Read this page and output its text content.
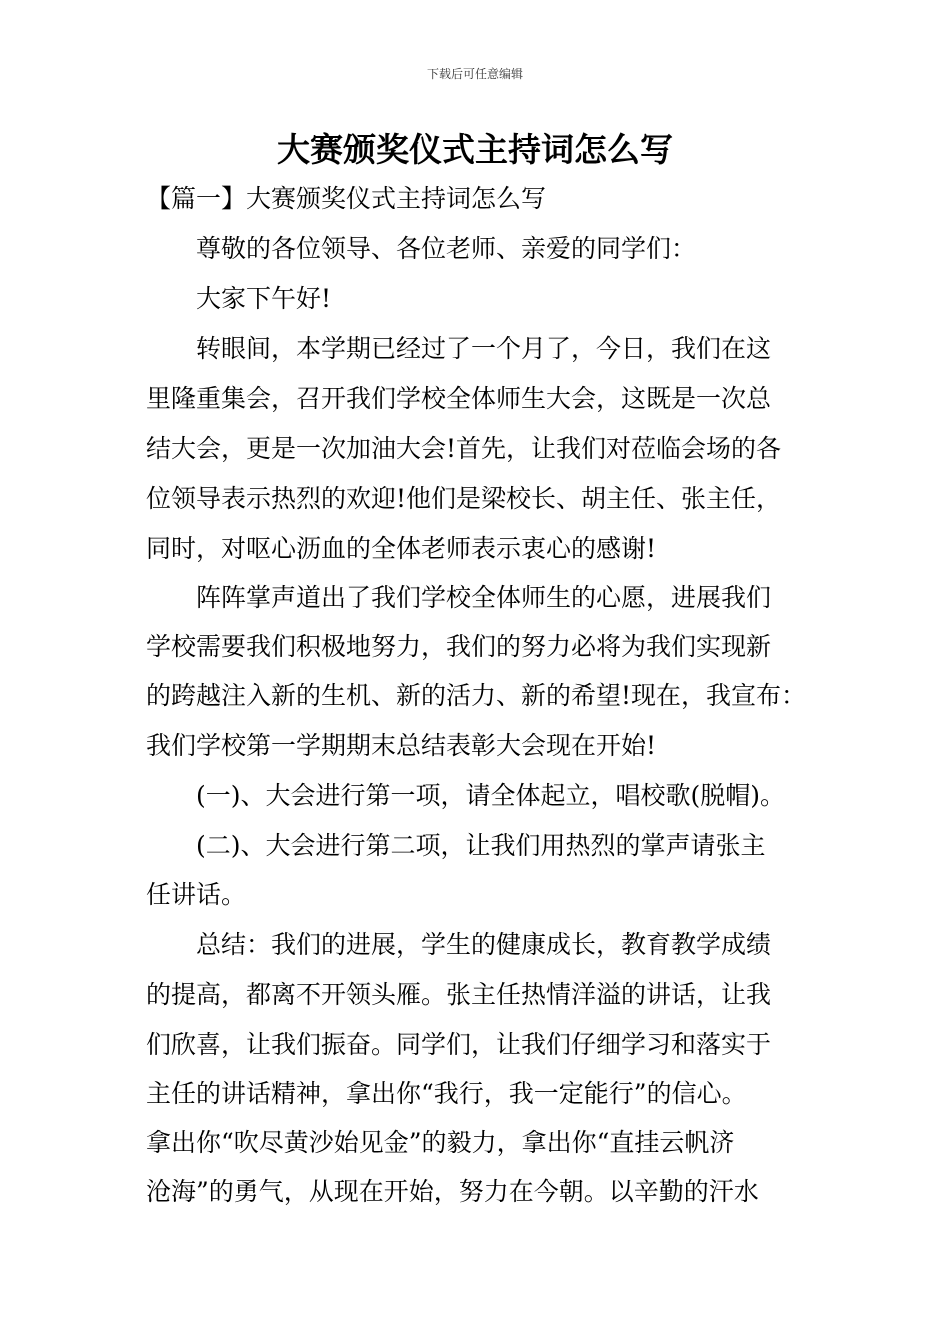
下载后可任意编辑
大赛颁奖仪式主持词怎么写
【篇一】大赛颁奖仪式主持词怎么写
尊敬的各位领导、各位老师、亲爱的同学们：
大家下午好!
转眼间，本学期已经过了一个月了，今日，我们在这
里隆重集会，召开我们学校全体师生大会，这既是一次总
结大会，更是一次加油大会!首先，让我们对莅临会场的各
位领导表示热烈的欢迎!他们是梁校长、胡主任、张主任，
同时，对呕心沥血的全体老师表示衷心的感谢!
阵阵掌声道出了我们学校全体师生的心愿，进展我们
学校需要我们积极地努力，我们的努力必将为我们实现新
的跨越注入新的生机、新的活力、新的希望!现在，我宣布：
我们学校第一学期期末总结表彰大会现在开始!
(一)、大会进行第一项，请全体起立，唱校歌(脱帽)。
(二)、大会进行第二项，让我们用热烈的掌声请张主
任讲话。
总结：我们的进展，学生的健康成长，教育教学成绩
的提高，都离不开领头雁。张主任热情洋溢的讲话，让我
们欣喜，让我们振奋。同学们，让我们仔细学习和落实于
主任的讲话精神，拿出你“我行，我一定能行”的信心。
拿出你“吹尽黄沙始见金”的毅力，拿出你“直挂云帆济
沧海”的勇气，从现在开始，努力在今朝。以辛勤的汗水
